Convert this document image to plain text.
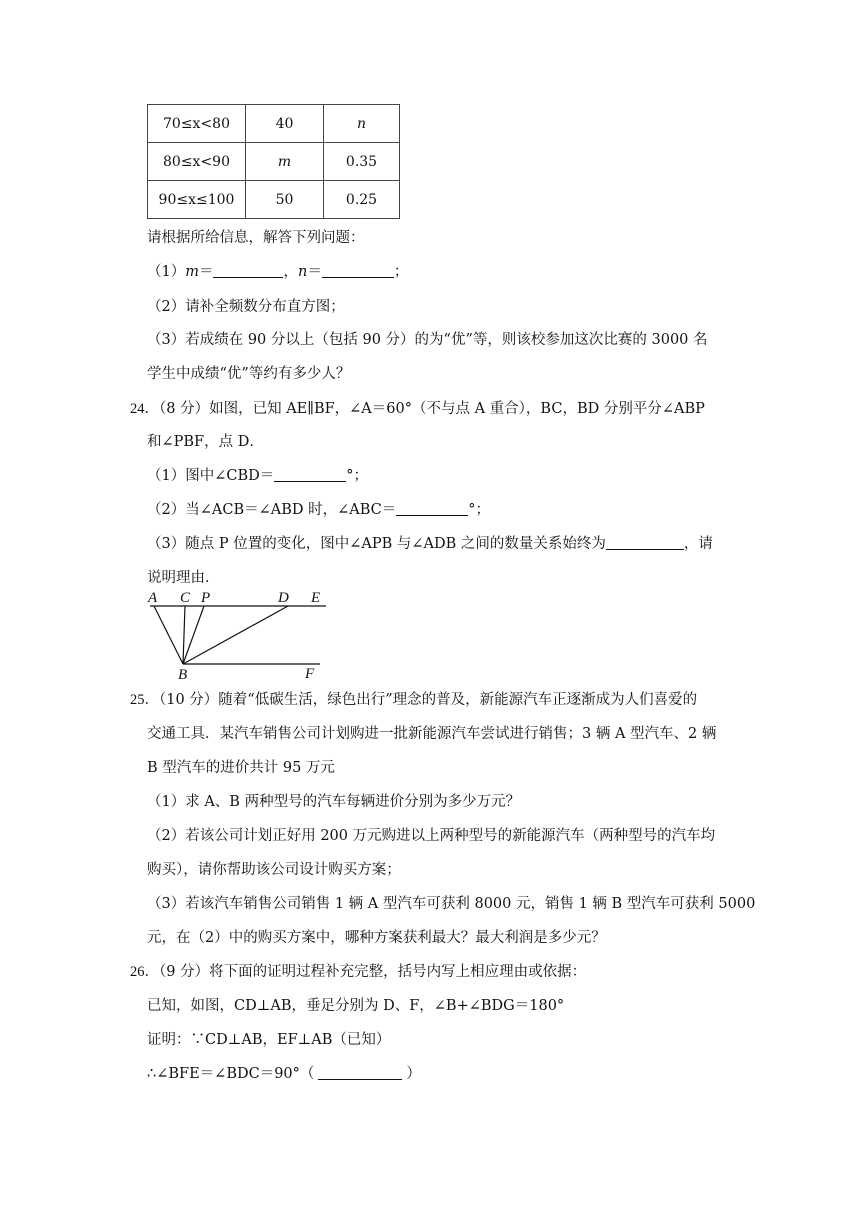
70≤x<80	40	n
80≤x<90	m	0.35
90≤x≤100	50	0.25
请根据所给信息，解答下列问题：
（1）m＝	，n＝	；
（2）请补全频数分布直方图；
（3）若成绩在 90 分以上（包括 90 分）的为“优”等，则该校参加这次比赛的 3000 名
学生中成绩“优”等约有多少人？
24．（8 分）如图，已知 AE∥BF，∠A＝60°（不与点 A 重合），BC，BD 分别平分∠ABP
和∠PBF，点 D．
（1）图中∠CBD＝	°；
（2）当∠ACB＝∠ABD 时，∠ABC＝	°；
（3）随点 P 位置的变化，图中∠APB 与∠ADB 之间的数量关系始终为	，请
说明理由．
A C P	D E
B	F
25．（10 分）随着“低碳生活，绿色出行”理念的普及，新能源汽车正逐渐成为人们喜爱的
交通工具．某汽车销售公司计划购进一批新能源汽车尝试进行销售；3 辆 A 型汽车、2 辆
B 型汽车的进价共计 95 万元
（1）求 A、B 两种型号的汽车每辆进价分别为多少万元？
（2）若该公司计划正好用 200 万元购进以上两种型号的新能源汽车（两种型号的汽车均
购买），请你帮助该公司设计购买方案；
（3）若该汽车销售公司销售 1 辆 A 型汽车可获利 8000 元，销售 1 辆 B 型汽车可获利 5000
元，在（2）中的购买方案中，哪种方案获利最大？最大利润是多少元？
26．（9 分）将下面的证明过程补充完整，括号内写上相应理由或依据：
已知，如图，CD⊥AB，垂足分别为 D、F，∠B+∠BDG＝180°
证明：∵CD⊥AB，EF⊥AB（已知）
∴∠BFE＝∠BDC＝90°（	）
